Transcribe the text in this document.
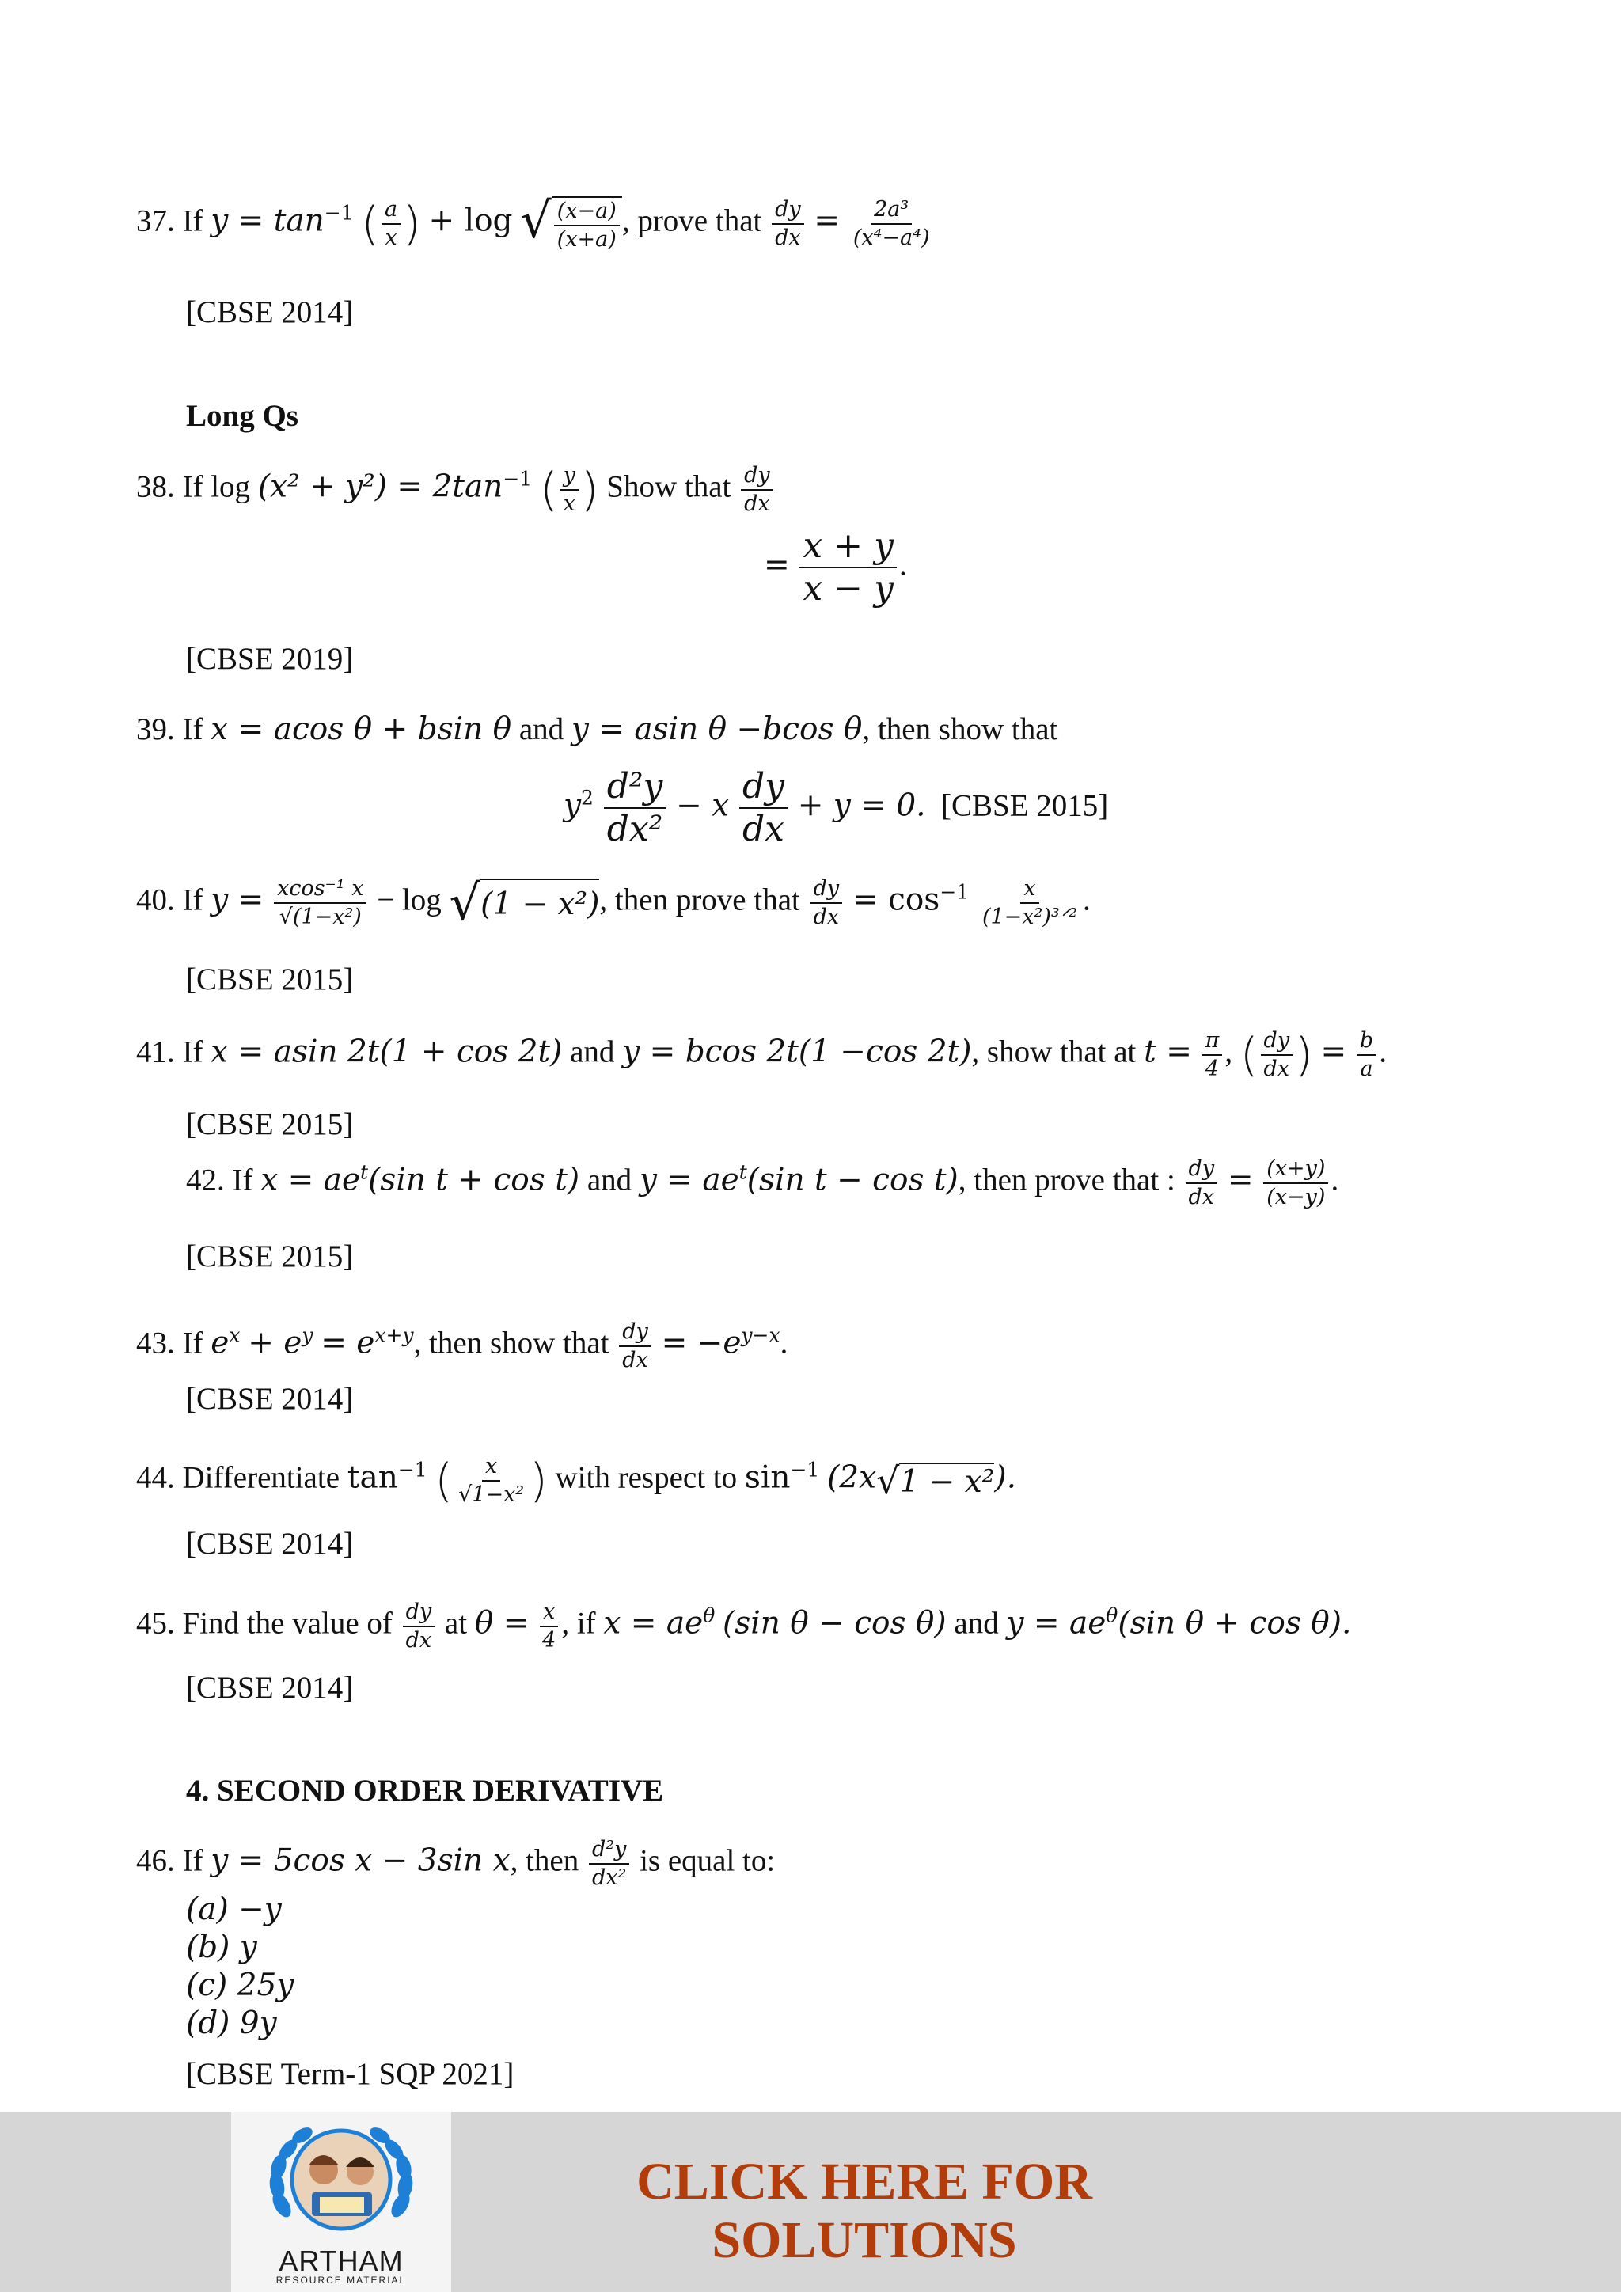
37. If $y = \tan^{-1}$ ( $\frac{a}{x}$ ) + log √ $\frac{(x-a)}{(x+a)}$ , prove that $\frac{dy}{dx} = \frac{\text{2a³}}{\text{(x⁴−a⁴)}}$
[CBSE 2014]
Long Qs
38. If $\log (x^2 + y^2) = 2\tan^{-1}$ ( $\frac{y}{x}$ ) Show that $\frac{dy}{dx}$
= $\frac{x + y}{x - y}$ .
[CBSE 2019]
39. If x = acos θ + bsin θ and y = asin θ −bcos θ, then show that
$y^2 \frac{\text{d²y}}{\text{dx²}} - x \frac{dy}{dx} + y = 0$. [CBSE 2015]
40. If $y = \frac{\text{xcos⁻¹ x}}{\text{√(1−x²)}} - \log$ √ (1 − x²) , then prove that $\frac{dy}{dx} = \cos^{-1} \frac{x}{\text{(1−x²)³ᐟ²}}$ .
[CBSE 2015]
41. If x = asin 2t(1 + cos 2t) and y = bcos 2t(1 −cos 2t), show that at $t = \frac{\pi}{4}$ , ( $\frac{dy}{dx}$ ) = $\frac{b}{a}$ .
[CBSE 2015]
42. If $x = ae^t(\sin$ t + cos t) and $y = ae^t(\sin$ t − cos t), then prove that : $\frac{dy}{dx} = \frac{(x+y)}{(x-y)}$ .
[CBSE 2015]
43. If $e^x + e^y = e^{x+y}$, then show that $\frac{dy}{dx} = -e^{y-x}$.
[CBSE 2014]
44. Differentiate $\tan^{-1}$ ( $\frac{x}{\text{√1−x²}}$ ) with respect to $\sin^{-1} (2x$ √ 1 − x² ).
[CBSE 2014]
45. Find the value of $\frac{dy}{dx}$ at $\theta = \frac{x}{4}$ , if $x = ae^\theta$ (sin θ − cos θ) and $y = ae^\theta(\sin$ θ + cos θ).
[CBSE 2014]
4. SECOND ORDER DERIVATIVE
46. If y = 5cos x − 3sin x, then $\frac{\text{d²y}}{\text{dx²}}$ is equal to:
(a) −y
(b) y
(c) 25y
(d) 9y
[CBSE Term-1 SQP 2021]
ARTHAM
RESOURCE MATERIAL
CLICK HERE FOR SOLUTIONS
